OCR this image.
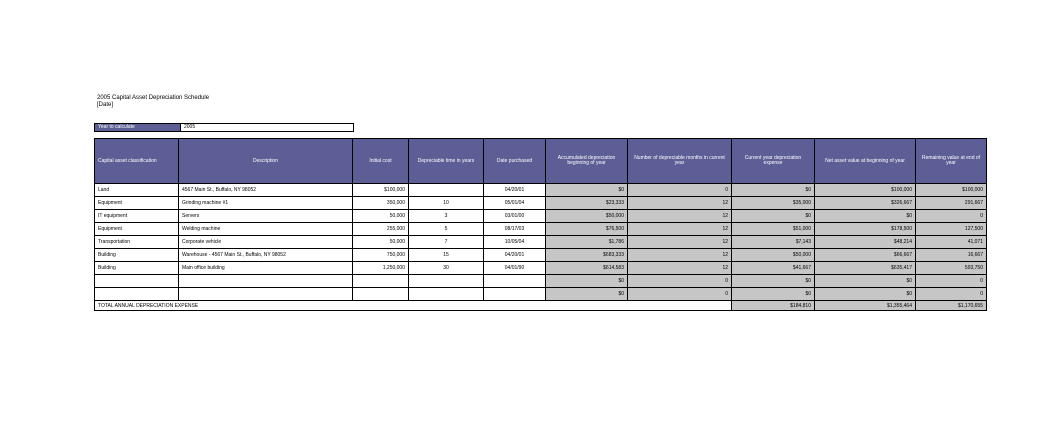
2005 Capital Asset Depreciation Schedule
[Date]
Year to calculate	2005
Capital asset classification	Description	Initial cost	Depreciable time in years	Date purchased	Accumulated depreciation beginning of year	Number of depreciable months in current year	Current year depreciation expense	Net asset value at beginning of year	Remaining value at end of year
Land	4567 Main St., Buffalo, NY 98052	$100,000		04/20/01	$0	0	$0	$100,000	$100,000
Equipment	Grinding machine #1	350,000	10	05/01/04	$23,333	12	$35,000	$326,667	291,667
IT equipment	Servers	50,000	3	03/01/00	$50,000	12	$0	$0	0
Equipment	Welding machine	255,000	5	08/17/03	$76,500	12	$51,000	$178,500	127,500
Transportation	Corporate vehicle	50,000	7	10/05/04	$1,786	12	$7,143	$48,214	41,071
Building	Warehouse - 4567 Main St., Buffalo, NY 98052	750,000	15	04/20/01	$683,333	12	$50,000	$66,667	16,667
Building	Main office building	1,250,000	30	04/01/90	$614,583	12	$41,667	$635,417	593,750
					$0	0	$0	$0	0
					$0	0	$0	$0	0
TOTAL ANNUAL DEPRECIATION EXPENSE							$184,810	$1,355,464	$1,170,655
